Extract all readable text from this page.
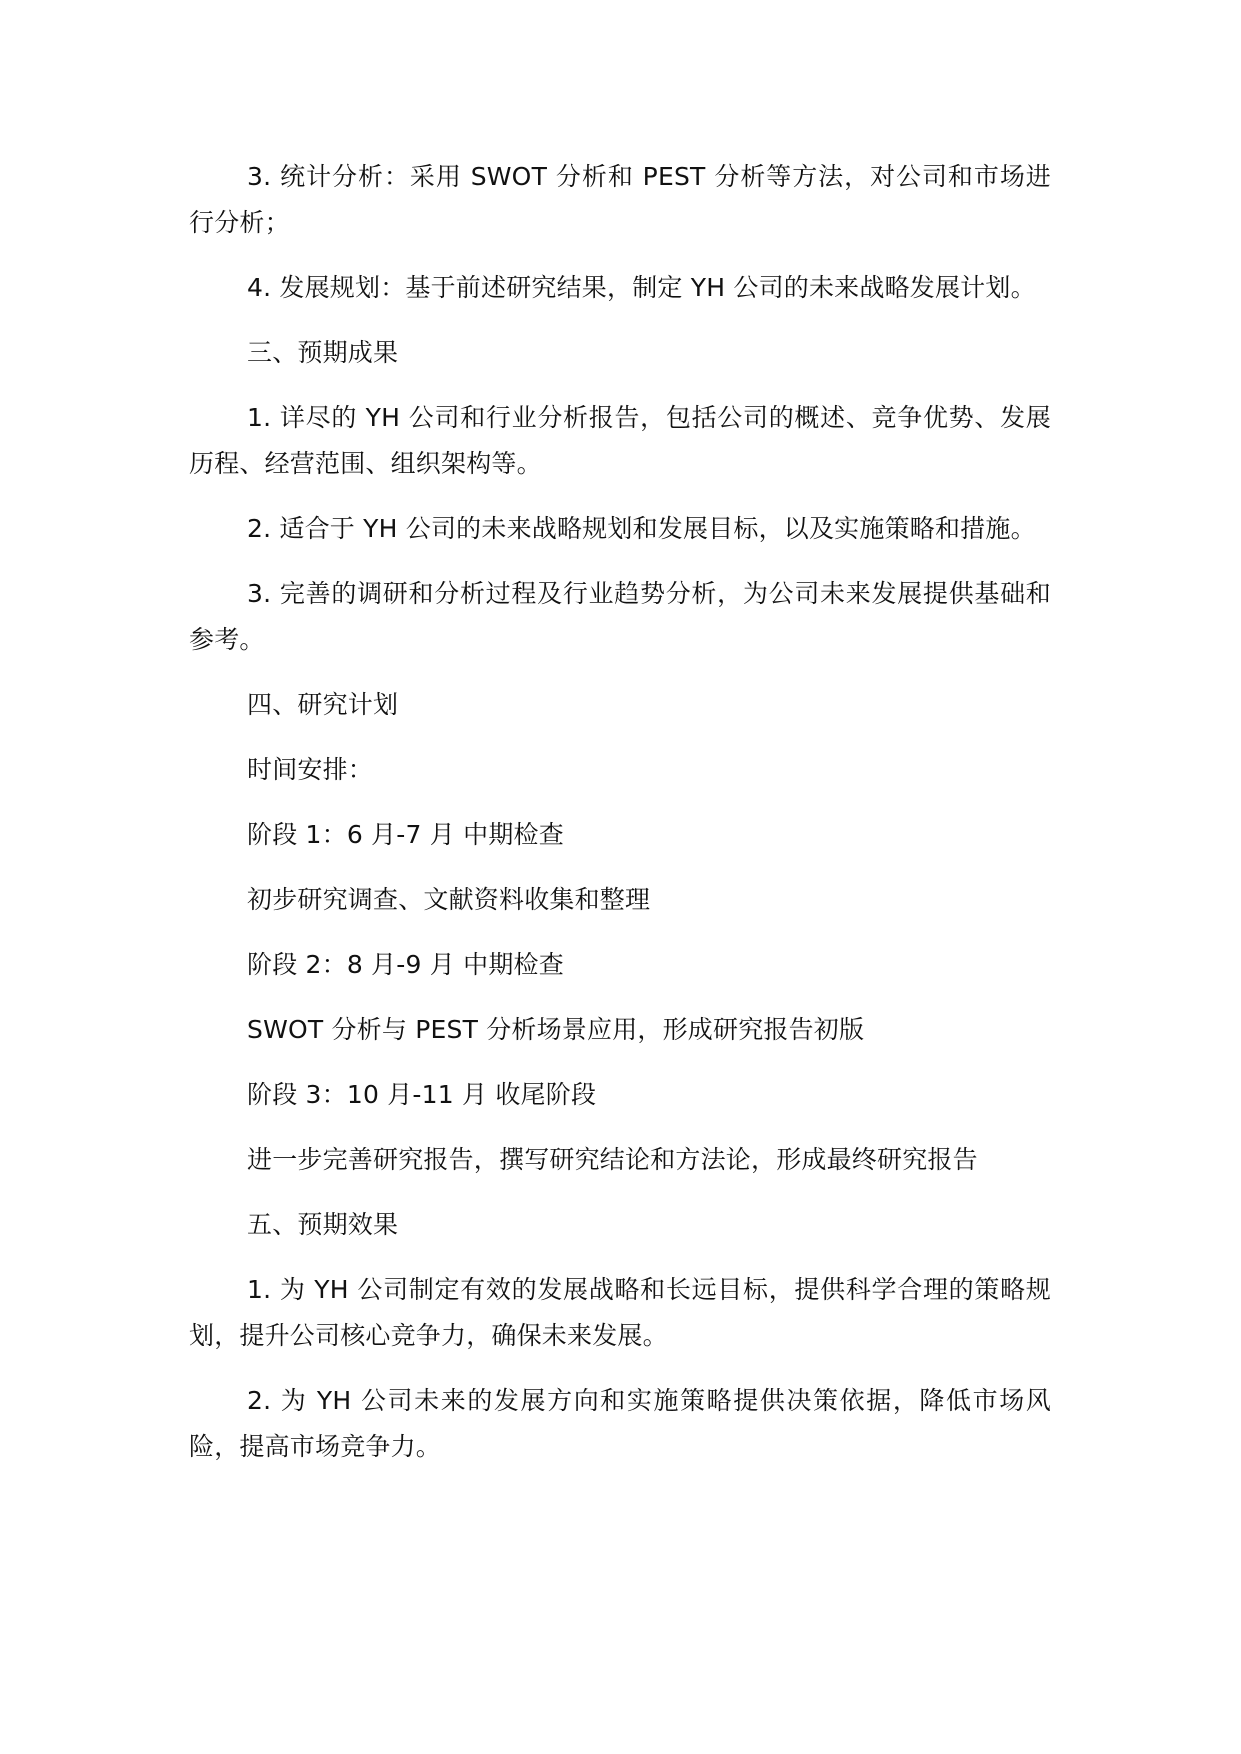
3. 统计分析：采用 SWOT 分析和 PEST 分析等方法，对公司和市场进行分析；

4. 发展规划：基于前述研究结果，制定 YH 公司的未来战略发展计划。

三、预期成果

1. 详尽的 YH 公司和行业分析报告，包括公司的概述、竞争优势、发展历程、经营范围、组织架构等。

2. 适合于 YH 公司的未来战略规划和发展目标，以及实施策略和措施。

3. 完善的调研和分析过程及行业趋势分析，为公司未来发展提供基础和参考。

四、研究计划

时间安排：

阶段 1：6 月-7 月 中期检查

初步研究调查、文献资料收集和整理

阶段 2：8 月-9 月 中期检查

SWOT 分析与 PEST 分析场景应用，形成研究报告初版

阶段 3：10 月-11 月 收尾阶段

进一步完善研究报告，撰写研究结论和方法论，形成最终研究报告

五、预期效果

1. 为 YH 公司制定有效的发展战略和长远目标，提供科学合理的策略规划，提升公司核心竞争力，确保未来发展。

2. 为 YH 公司未来的发展方向和实施策略提供决策依据，降低市场风险，提高市场竞争力。
